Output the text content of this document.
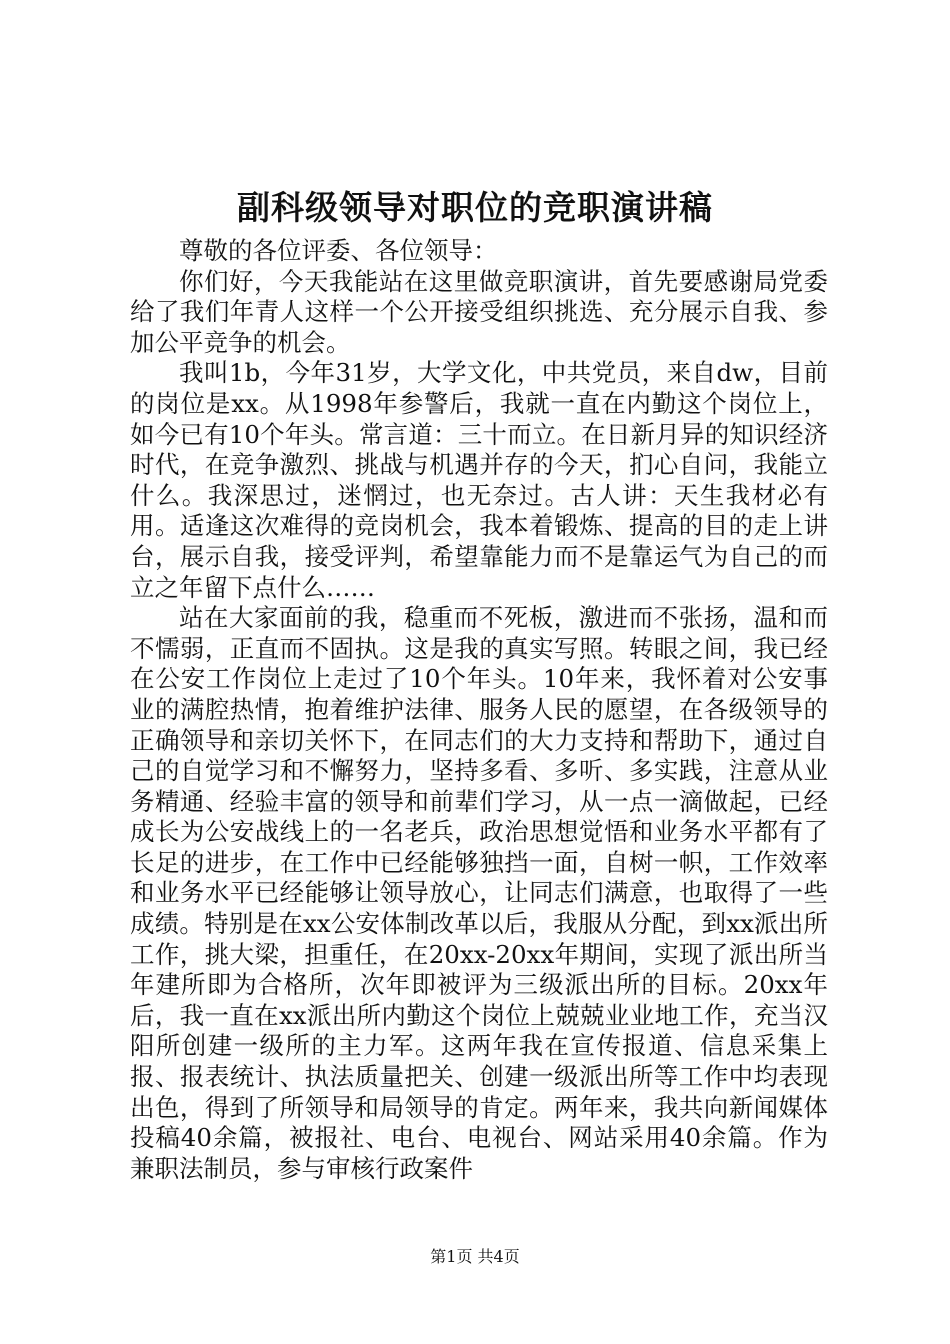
副科级领导对职位的竞职演讲稿

尊敬的各位评委、各位领导：

你们好，今天我能站在这里做竞职演讲，首先要感谢局党委给了我们年青人这样一个公开接受组织挑选、充分展示自我、参加公平竞争的机会。

我叫1b，今年31岁，大学文化，中共党员，来自dw，目前的岗位是xx。从1998年参警后，我就一直在内勤这个岗位上，如今已有10个年头。常言道：三十而立。在日新月异的知识经济时代，在竞争激烈、挑战与机遇并存的今天，扪心自问，我能立什么。我深思过，迷惘过，也无奈过。古人讲：天生我材必有用。适逢这次难得的竞岗机会，我本着锻炼、提高的目的走上讲台，展示自我，接受评判，希望靠能力而不是靠运气为自己的而立之年留下点什么……

站在大家面前的我，稳重而不死板，激进而不张扬，温和而不懦弱，正直而不固执。这是我的真实写照。转眼之间，我已经在公安工作岗位上走过了10个年头。10年来，我怀着对公安事业的满腔热情，抱着维护法律、服务人民的愿望，在各级领导的正确领导和亲切关怀下，在同志们的大力支持和帮助下，通过自己的自觉学习和不懈努力，坚持多看、多听、多实践，注意从业务精通、经验丰富的领导和前辈们学习，从一点一滴做起，已经成长为公安战线上的一名老兵，政治思想觉悟和业务水平都有了长足的进步，在工作中已经能够独挡一面，自树一帜，工作效率和业务水平已经能够让领导放心，让同志们满意，也取得了一些成绩。特别是在xx公安体制改革以后，我服从分配，到xx派出所工作，挑大梁，担重任，在20xx-20xx年期间，实现了派出所当年建所即为合格所，次年即被评为三级派出所的目标。20xx年后，我一直在xx派出所内勤这个岗位上兢兢业业地工作，充当汉阳所创建一级所的主力军。这两年我在宣传报道、信息采集上报、报表统计、执法质量把关、创建一级派出所等工作中均表现出色，得到了所领导和局领导的肯定。两年来，我共向新闻媒体投稿40余篇，被报社、电台、电视台、网站采用40余篇。作为兼职法制员，参与审核行政案件

第1页 共4页
